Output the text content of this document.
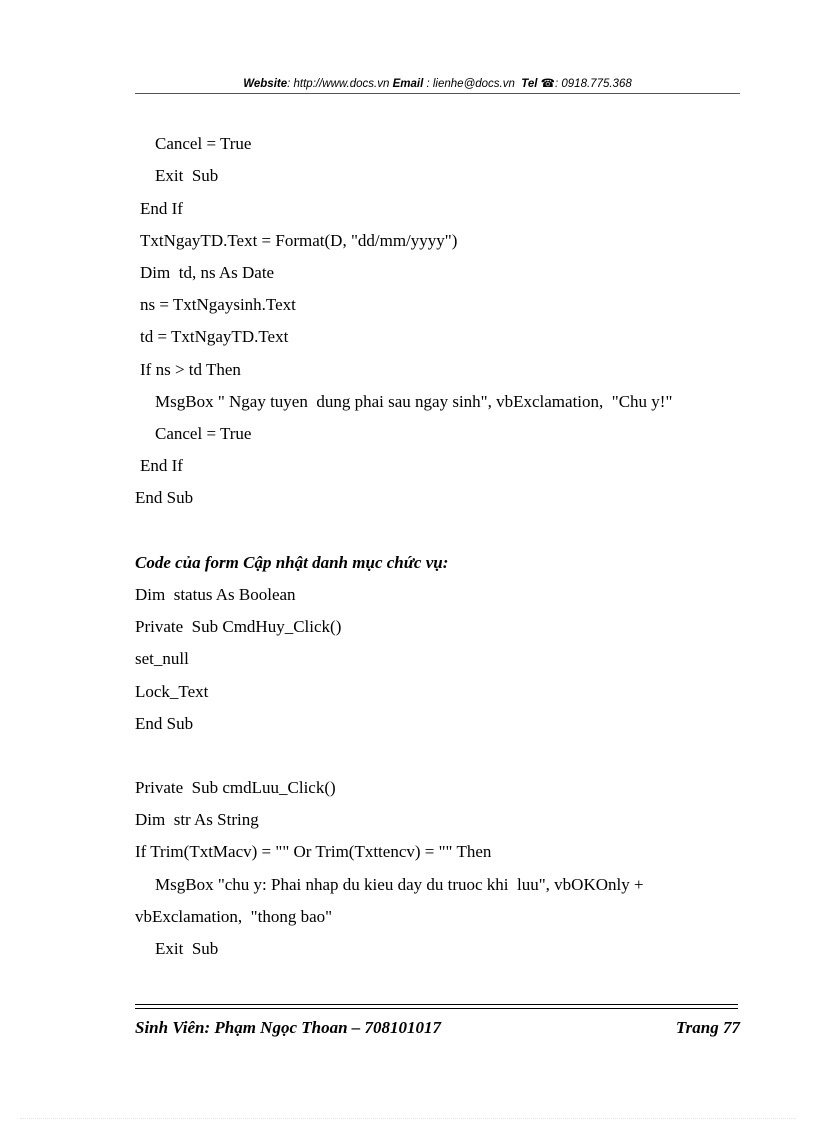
Website: http://www.docs.vn Email : lienhe@docs.vn Tel ☎: 0918.775.368
Cancel = True
Exit  Sub
End If
TxtNgayTD.Text = Format(D, "dd/mm/yyyy")
Dim  td, ns As Date
ns = TxtNgaysinh.Text
td = TxtNgayTD.Text
If ns > td Then
MsgBox " Ngay tuyen  dung phai sau ngay sinh", vbExclamation,  "Chu y!"
Cancel = True
End If
End Sub
Code của form Cập nhật danh mục chức vụ:
Dim  status As Boolean
Private  Sub CmdHuy_Click()
set_null
Lock_Text
End Sub
Private  Sub cmdLuu_Click()
Dim  str As String
If Trim(TxtMacv) = "" Or Trim(Txttencv) = "" Then
MsgBox "chu y: Phai nhap du kieu day du truoc khi  luu", vbOKOnly +
vbExclamation,  "thong bao"
Exit  Sub
Sinh Viên: Phạm Ngọc Thoan – 708101017	Trang 77
